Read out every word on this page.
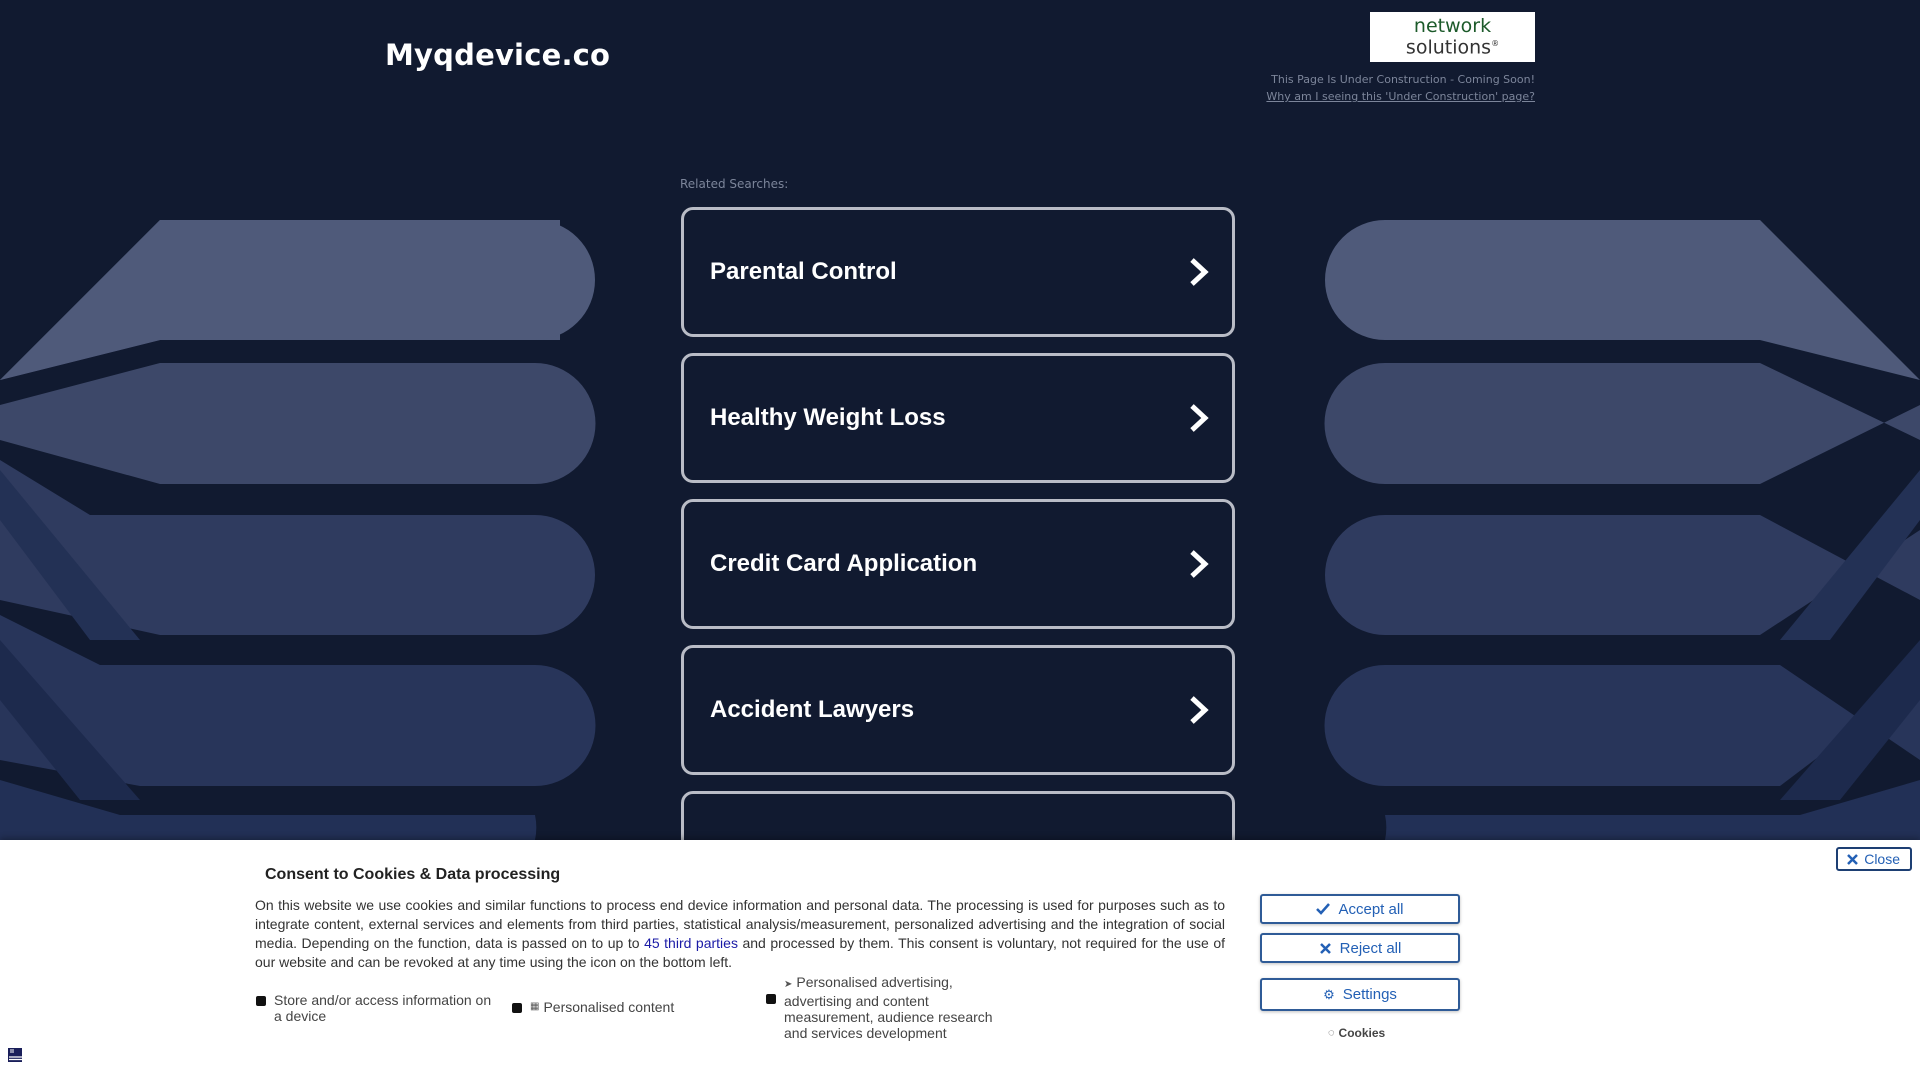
Myqdevice.co
network
solutions®
This Page Is Under Construction - Coming Soon!
Why am I seeing this 'Under Construction' page?
Related Searches:
Parental Control
Healthy Weight Loss
Credit Card Application
Accident Lawyers
Close
Consent to Cookies & Data processing
On this website we use cookies and similar functions to process end device information and personal data. The processing is used for purposes such as to integrate content, external services and elements from third parties, statistical analysis/measurement, personalized advertising and the integration of social media. Depending on the function, data is passed on to up to 45 third parties and processed by them. This consent is voluntary, not required for the use of our website and can be revoked at any time using the icon on the bottom left.
Store and/or access information on a device
▦ Personalised content
➤ Personalised advertising, advertising and content measurement, audience research and services development
Accept all
Reject all
⚙ Settings
◌ Cookies
